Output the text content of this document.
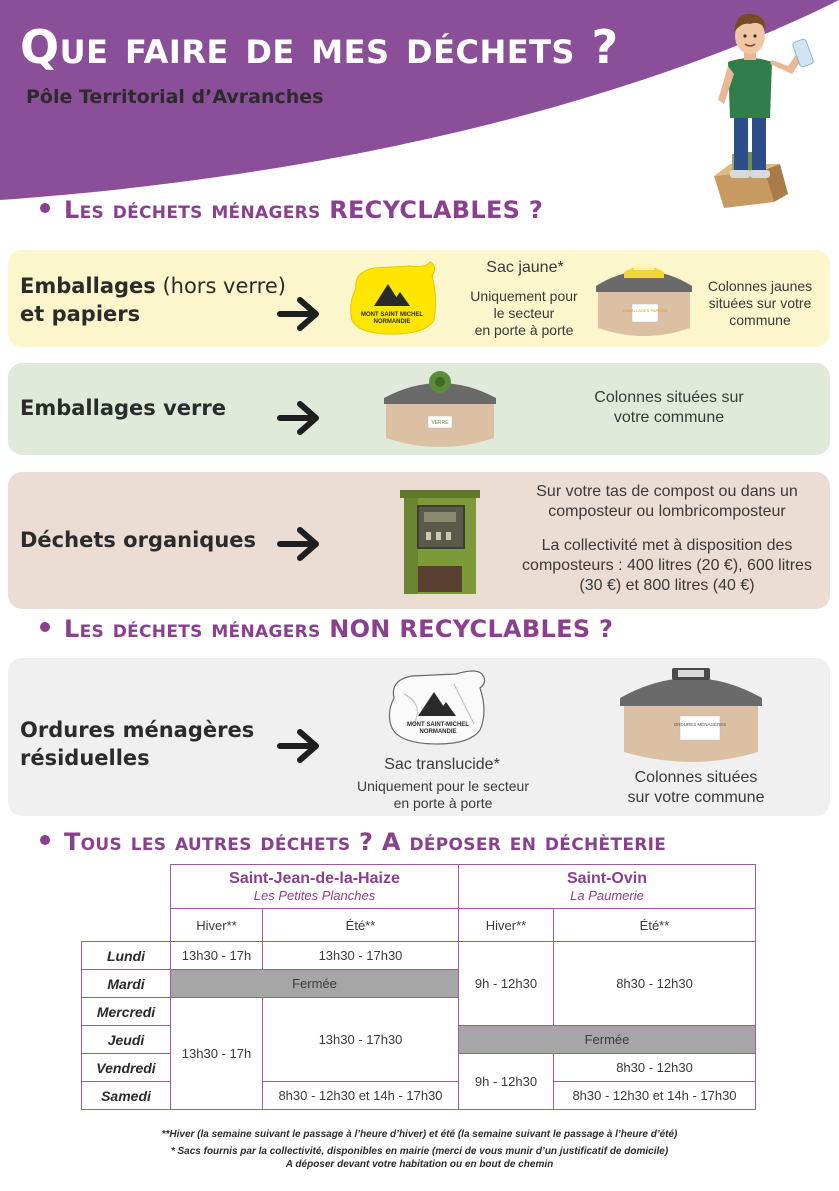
Que faire de mes déchets ?
Pôle Territorial d’Avranches
Les déchets ménagers RECYCLABLES ?
Emballages (hors verre)
et papiers	MONT SAINT MICHEL
NORMANDIE
Sac jaune*
Uniquement pour
le secteur
en porte à porte
EMBALLAGES PAPIERS
Colonnes jaunes
situées sur votre
commune
Emballages verre
VERRE
Colonnes situées sur
votre commune
Déchets organiques
Sur votre tas de compost ou dans un
composteur ou lombricomposteur
La collectivité met à disposition des
composteurs : 400 litres (20 €), 600 litres
(30 €) et 800 litres (40 €)
Les déchets ménagers NON RECYCLABLES ?
Ordures ménagères
résiduelles
MONT SAINT-MICHEL
NORMANDIE
Sac translucide*
Uniquement pour le secteur
en porte à porte
ORDURES MÉNAGÈRES
Colonnes situées
sur votre commune
Tous les autres déchets ? A déposer en déchèterie

	Saint-Jean-de-la-Haize
Les Petites Planches		Saint-Ovin
La Paumerie	

	Hiver**	Été**	Hiver**	Été**
Lundi	13h30 - 17h	13h30 - 17h30	9h - 12h30	8h30 - 12h30
Mardi	Fermée			
Mercredi	13h30 - 17h	13h30 - 17h30		
Jeudi			Fermée	
Vendredi			9h - 12h30	8h30 - 12h30
Samedi		8h30 - 12h30 et 14h - 17h30		8h30 - 12h30 et 14h - 17h30
**Hiver (la semaine suivant le passage à l’heure d’hiver) et été (la semaine suivant le passage à l’heure d’été)
* Sacs fournis par la collectivité, disponibles en mairie (merci de vous munir d’un justificatif de domicile)
A déposer devant votre habitation ou en bout de chemin
